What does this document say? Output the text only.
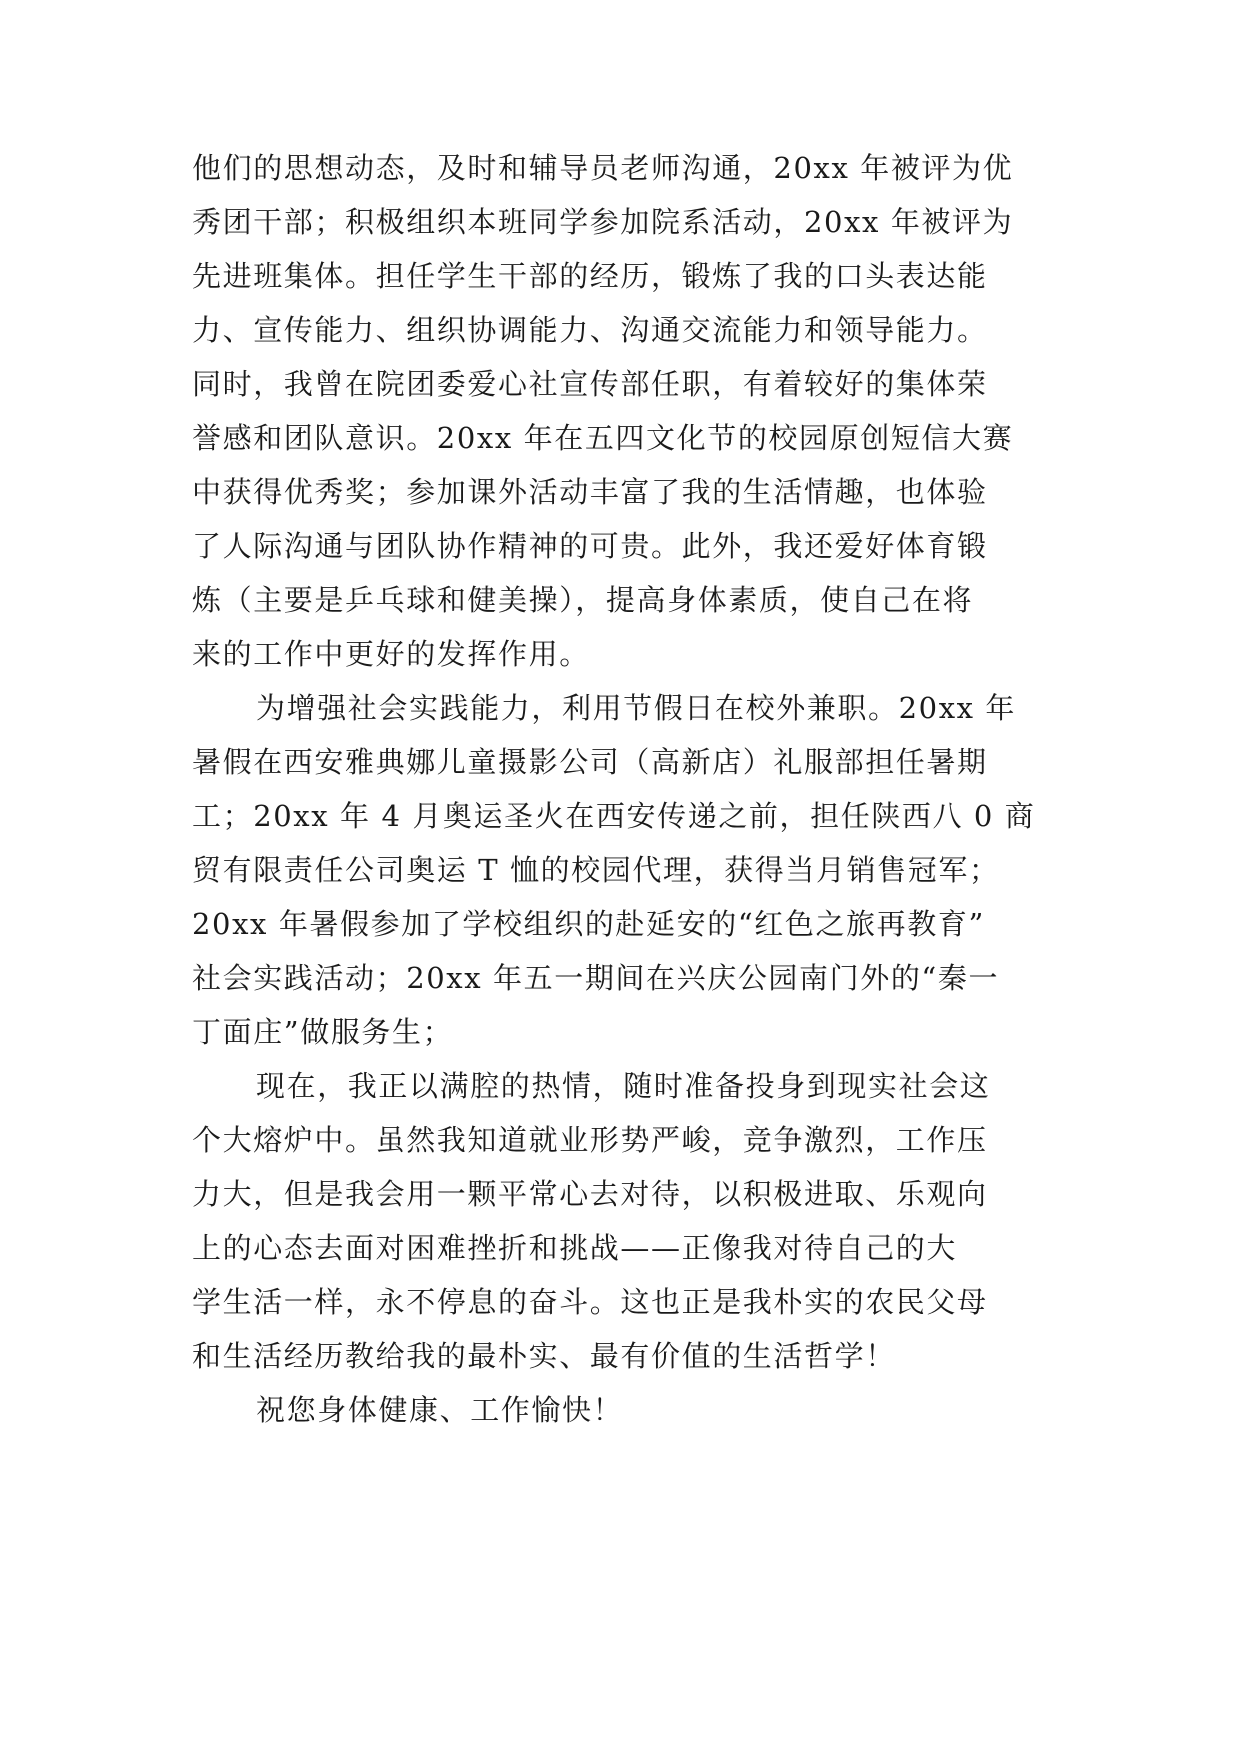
他们的思想动态，及时和辅导员老师沟通，20xx 年被评为优
秀团干部；积极组织本班同学参加院系活动，20xx 年被评为
先进班集体。担任学生干部的经历，锻炼了我的口头表达能
力、宣传能力、组织协调能力、沟通交流能力和领导能力。
同时，我曾在院团委爱心社宣传部任职，有着较好的集体荣
誉感和团队意识。20xx 年在五四文化节的校园原创短信大赛
中获得优秀奖；参加课外活动丰富了我的生活情趣，也体验
了人际沟通与团队协作精神的可贵。此外，我还爱好体育锻
炼（主要是乒乓球和健美操），提高身体素质，使自己在将
来的工作中更好的发挥作用。
为增强社会实践能力，利用节假日在校外兼职。20xx 年
暑假在西安雅典娜儿童摄影公司（高新店）礼服部担任暑期
工；20xx 年 4 月奥运圣火在西安传递之前，担任陕西八 0 商
贸有限责任公司奥运 T 恤的校园代理，获得当月销售冠军；
20xx 年暑假参加了学校组织的赴延安的“红色之旅再教育”
社会实践活动；20xx 年五一期间在兴庆公园南门外的“秦一
丁面庄”做服务生；
现在，我正以满腔的热情，随时准备投身到现实社会这
个大熔炉中。虽然我知道就业形势严峻，竞争激烈，工作压
力大，但是我会用一颗平常心去对待，以积极进取、乐观向
上的心态去面对困难挫折和挑战——正像我对待自己的大
学生活一样，永不停息的奋斗。这也正是我朴实的农民父母
和生活经历教给我的最朴实、最有价值的生活哲学！
祝您身体健康、工作愉快！
